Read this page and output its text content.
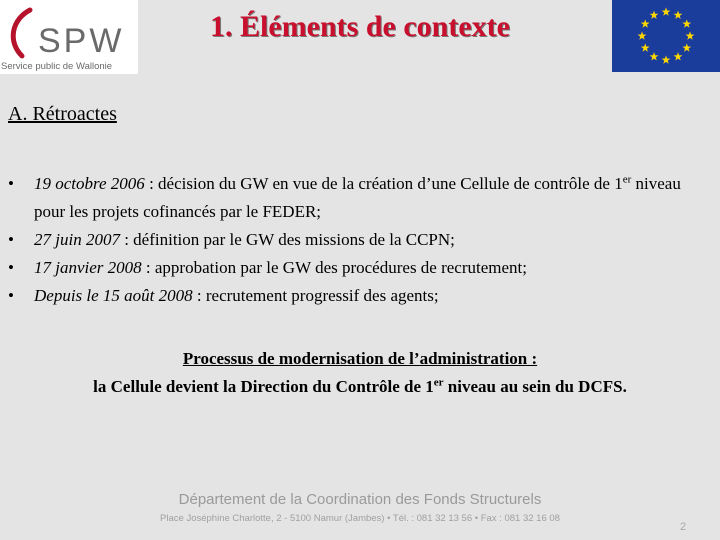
SPW
Service public de Wallonie
1. Éléments de contexte
A. Rétroactes
• 19 octobre 2006 : décision du GW en vue de la création d’une Cellule de contrôle de 1er niveau pour les projets cofinancés par le FEDER;
• 27 juin 2007 : définition par le GW des missions de la CCPN;
• 17 janvier 2008 : approbation par le GW des procédures de recrutement;
• Depuis le 15 août 2008 : recrutement progressif des agents;
Processus de modernisation de l’administration :
la Cellule devient la Direction du Contrôle de 1er niveau au sein du DCFS.
Département de la Coordination des Fonds Structurels
Place Joséphine Charlotte, 2 - 5100 Namur (Jambes) • Tél. : 081 32 13 56 • Fax : 081 32 16 08
2
